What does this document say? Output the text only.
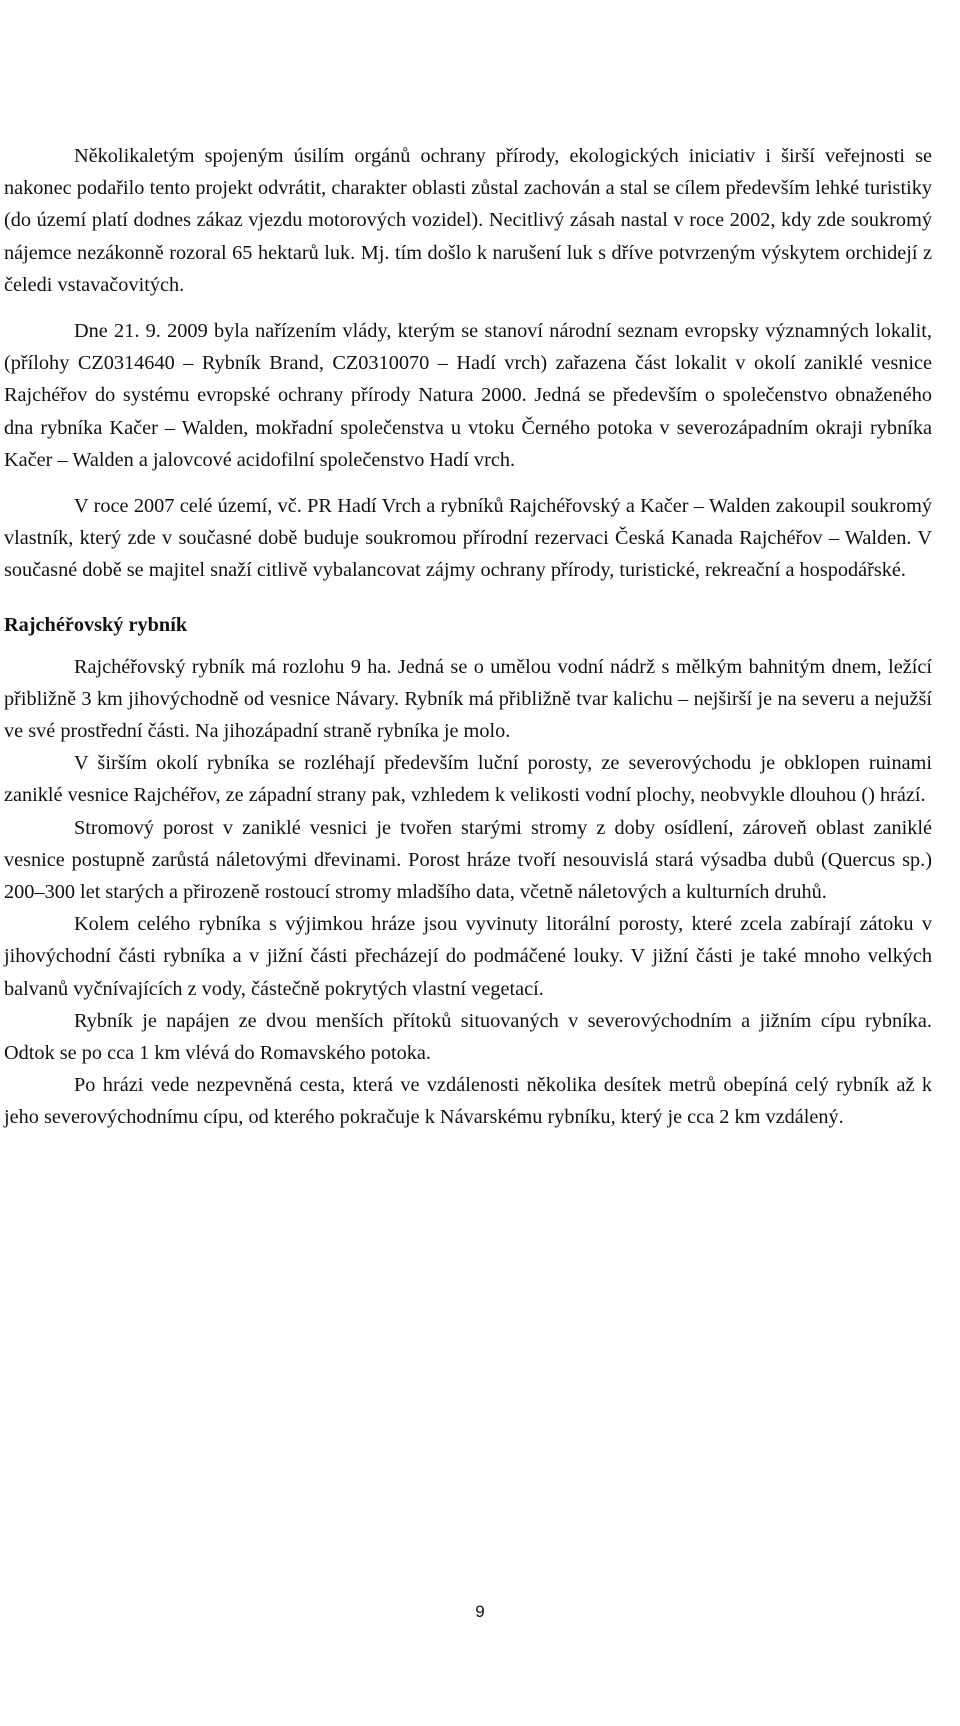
Několikaletým spojeným úsilím orgánů ochrany přírody, ekologických iniciativ i širší veřejnosti se nakonec podařilo tento projekt odvrátit, charakter oblasti zůstal zachován a stal se cílem především lehké turistiky (do území platí dodnes zákaz vjezdu motorových vozidel). Necitlivý zásah nastal v roce 2002, kdy zde soukromý nájemce nezákonně rozoral 65 hektarů luk. Mj. tím došlo k narušení luk s dříve potvrzeným výskytem orchidejí z čeledi vstavačovitých.

Dne 21. 9. 2009 byla nařízením vlády, kterým se stanoví národní seznam evropsky významných lokalit, (přílohy CZ0314640 – Rybník Brand, CZ0310070 – Hadí vrch) zařazena část lokalit v okolí zaniklé vesnice Rajchéřov do systému evropské ochrany přírody Natura 2000. Jedná se především o společenstvo obnaženého dna rybníka Kačer – Walden, mokřadní společenstva u vtoku Černého potoka v severozápadním okraji rybníka Kačer – Walden a jalovcové acidofilní společenstvo Hadí vrch.

V roce 2007 celé území, vč. PR Hadí Vrch a rybníků Rajchéřovský a Kačer – Walden zakoupil soukromý vlastník, který zde v současné době buduje soukromou přírodní rezervaci Česká Kanada Rajchéřov – Walden. V současné době se majitel snaží citlivě vybalancovat zájmy ochrany přírody, turistické, rekreační a hospodářské.

Rajchéřovský rybník

Rajchéřovský rybník má rozlohu 9 ha. Jedná se o umělou vodní nádrž s mělkým bahnitým dnem, ležící přibližně 3 km jihovýchodně od vesnice Návary. Rybník má přibližně tvar kalichu – nejširší je na severu a nejužší ve své prostřední části. Na jihozápadní straně rybníka je molo.

V širším okolí rybníka se rozléhají především luční porosty, ze severovýchodu je obklopen ruinami zaniklé vesnice Rajchéřov, ze západní strany pak, vzhledem k velikosti vodní plochy, neobvykle dlouhou () hrází.

Stromový porost v zaniklé vesnici je tvořen starými stromy z doby osídlení, zároveň oblast zaniklé vesnice postupně zarůstá náletovými dřevinami. Porost hráze tvoří nesouvislá stará výsadba dubů (Quercus sp.) 200–300 let starých a přirozeně rostoucí stromy mladšího data, včetně náletových a kulturních druhů.

Kolem celého rybníka s výjimkou hráze jsou vyvinuty litorální porosty, které zcela zabírají zátoku v jihovýchodní části rybníka a v jižní části přecházejí do podmáčené louky. V jižní části je také mnoho velkých balvanů vyčnívajících z vody, částečně pokrytých vlastní vegetací.

Rybník je napájen ze dvou menších přítoků situovaných v severovýchodním a jižním cípu rybníka. Odtok se po cca 1 km vlévá do Romavského potoka.

Po hrázi vede nezpevněná cesta, která ve vzdálenosti několika desítek metrů obepíná celý rybník až k jeho severovýchodnímu cípu, od kterého pokračuje k Návarskému rybníku, který je cca 2 km vzdálený.

9
